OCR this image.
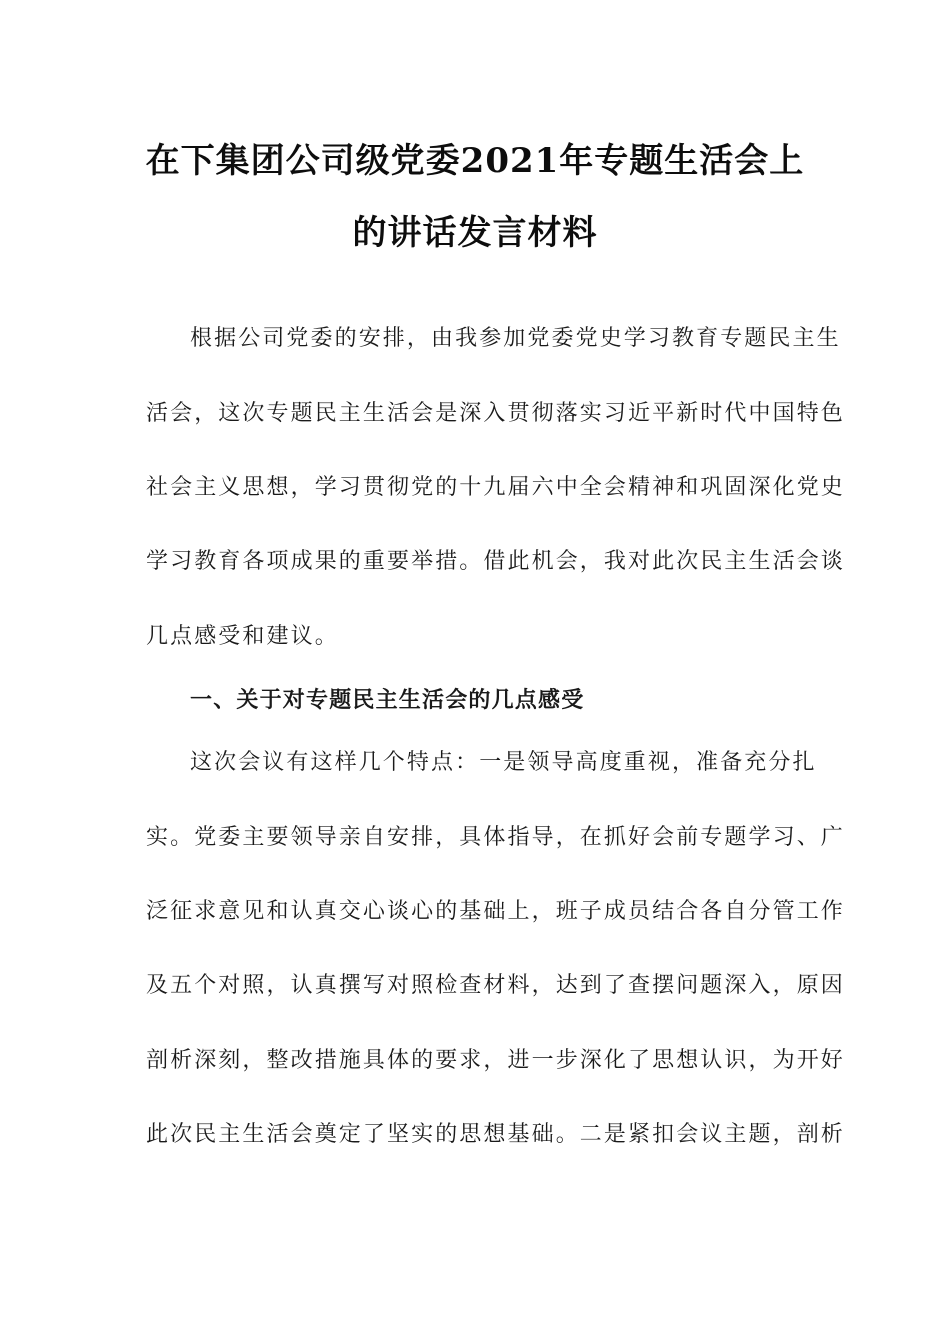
在下集团公司级党委2021年专题生活会上
的讲话发言材料
根据公司党委的安排，由我参加党委党史学习教育专题民主生
活会，这次专题民主生活会是深入贯彻落实习近平新时代中国特色
社会主义思想，学习贯彻党的十九届六中全会精神和巩固深化党史
学习教育各项成果的重要举措。借此机会，我对此次民主生活会谈
几点感受和建议。
一、关于对专题民主生活会的几点感受
这次会议有这样几个特点：一是领导高度重视，准备充分扎
实。党委主要领导亲自安排，具体指导，在抓好会前专题学习、广
泛征求意见和认真交心谈心的基础上，班子成员结合各自分管工作
及五个对照，认真撰写对照检查材料，达到了查摆问题深入，原因
剖析深刻，整改措施具体的要求，进一步深化了思想认识，为开好
此次民主生活会奠定了坚实的思想基础。二是紧扣会议主题，剖析
